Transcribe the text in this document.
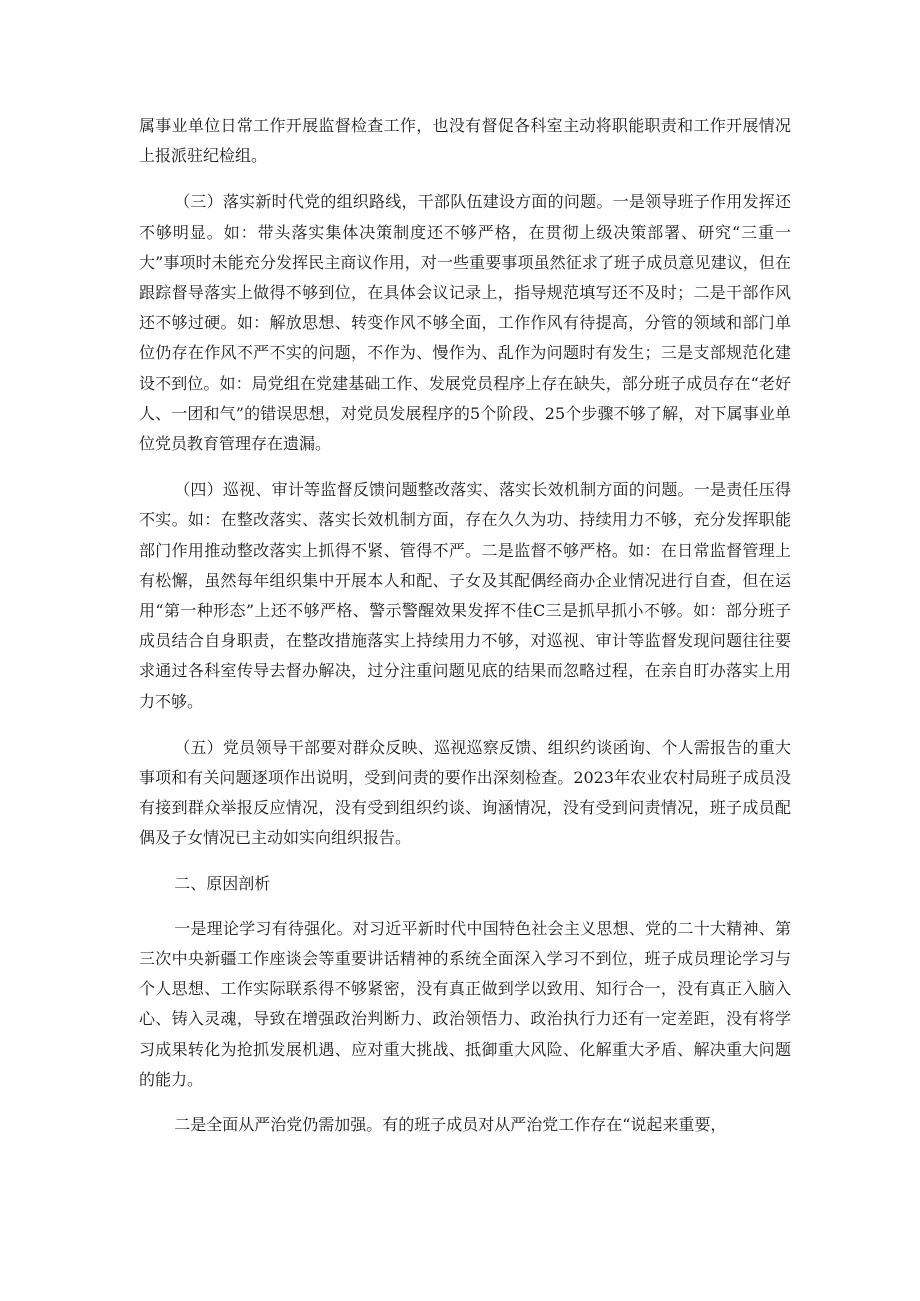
属事业单位日常工作开展监督检查工作，也没有督促各科室主动将职能职责和工作开展情况上报派驻纪检组。

（三）落实新时代党的组织路线，干部队伍建设方面的问题。一是领导班子作用发挥还不够明显。如：带头落实集体决策制度还不够严格，在贯彻上级决策部署、研究“三重一大”事项时未能充分发挥民主商议作用，对一些重要事项虽然征求了班子成员意见建议，但在跟踪督导落实上做得不够到位，在具体会议记录上，指导规范填写还不及时；二是干部作风还不够过硬。如：解放思想、转变作风不够全面，工作作风有待提高，分管的领域和部门单位仍存在作风不严不实的问题，不作为、慢作为、乱作为问题时有发生；三是支部规范化建设不到位。如：局党组在党建基础工作、发展党员程序上存在缺失，部分班子成员存在“老好人、一团和气”的错误思想，对党员发展程序的5个阶段、25个步骤不够了解，对下属事业单位党员教育管理存在遗漏。

（四）巡视、审计等监督反馈问题整改落实、落实长效机制方面的问题。一是责任压得不实。如：在整改落实、落实长效机制方面，存在久久为功、持续用力不够，充分发挥职能部门作用推动整改落实上抓得不紧、管得不严。二是监督不够严格。如：在日常监督管理上有松懈，虽然每年组织集中开展本人和配、子女及其配偶经商办企业情况进行自查，但在运用“第一种形态”上还不够严格、警示警醒效果发挥不佳C三是抓早抓小不够。如：部分班子成员结合自身职责，在整改措施落实上持续用力不够，对巡视、审计等监督发现问题往往要求通过各科室传导去督办解决，过分注重问题见底的结果而忽略过程，在亲自盯办落实上用力不够。

（五）党员领导干部要对群众反映、巡视巡察反馈、组织约谈函询、个人需报告的重大事项和有关问题逐项作出说明，受到问责的要作出深刻检查。2023年农业农村局班子成员没有接到群众举报反应情况，没有受到组织约谈、询涵情况，没有受到问责情况，班子成员配偶及子女情况已主动如实向组织报告。

二、原因剖析

一是理论学习有待强化。对习近平新时代中国特色社会主义思想、党的二十大精神、第三次中央新疆工作座谈会等重要讲话精神的系统全面深入学习不到位，班子成员理论学习与个人思想、工作实际联系得不够紧密，没有真正做到学以致用、知行合一，没有真正入脑入心、铸入灵魂，导致在增强政治判断力、政治领悟力、政治执行力还有一定差距，没有将学习成果转化为抢抓发展机遇、应对重大挑战、抵御重大风险、化解重大矛盾、解决重大问题的能力。

二是全面从严治党仍需加强。有的班子成员对从严治党工作存在“说起来重要，
